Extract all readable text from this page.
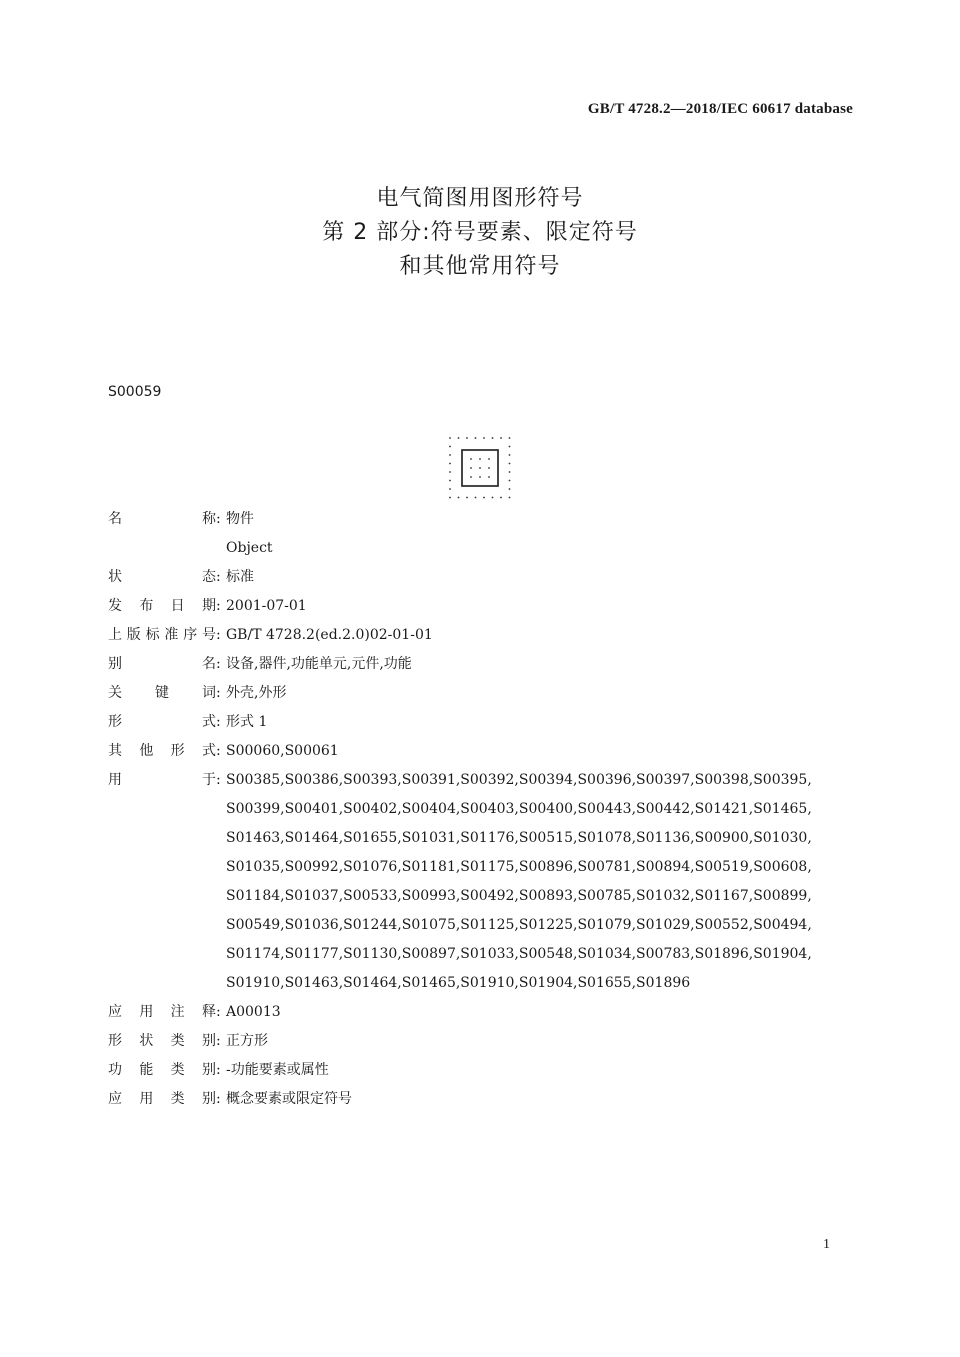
GB/T 4728.2—2018/IEC 60617 database
电气简图用图形符号
第 2 部分:符号要素、限定符号
和其他常用符号
S00059
名称 : 物件
Object
状态 : 标准
发布日期 : 2001-07-01
上版标准序号 : GB/T 4728.2(ed.2.0)02-01-01
别名 : 设备,器件,功能单元,元件,功能
关键词 : 外壳,外形
形式 : 形式 1
其他形式 : S00060,S00061
用于 : S00385,S00386,S00393,S00391,S00392,S00394,S00396,S00397,S00398,S00395,
S00399,S00401,S00402,S00404,S00403,S00400,S00443,S00442,S01421,S01465,
S01463,S01464,S01655,S01031,S01176,S00515,S01078,S01136,S00900,S01030,
S01035,S00992,S01076,S01181,S01175,S00896,S00781,S00894,S00519,S00608,
S01184,S01037,S00533,S00993,S00492,S00893,S00785,S01032,S01167,S00899,
S00549,S01036,S01244,S01075,S01125,S01225,S01079,S01029,S00552,S00494,
S01174,S01177,S01130,S00897,S01033,S00548,S01034,S00783,S01896,S01904,
S01910,S01463,S01464,S01465,S01910,S01904,S01655,S01896
应用注释 : A00013
形状类别 : 正方形
功能类别 : -功能要素或属性
应用类别 : 概念要素或限定符号
1
